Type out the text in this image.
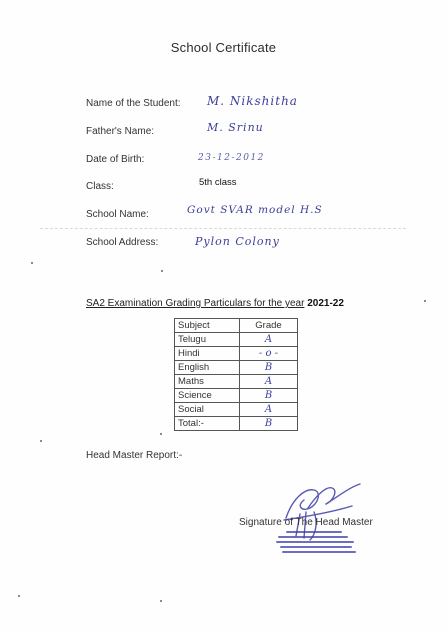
School Certificate
Name of the Student: M. Nikshitha
Father's Name:	M. Srinu
Date of Birth:	23-12-2012
Class:	5th class
School Name:	Govt SVAR model H.S
School Address:	Pylon Colony
SA2 Examination Grading Particulars for the year 2021-22
Subject	Grade
Telugu	A
Hindi	- o -
English	B
Maths	A
Science	B
Social	A
Total:-	B
Head Master Report:-
Signature of The Head Master
